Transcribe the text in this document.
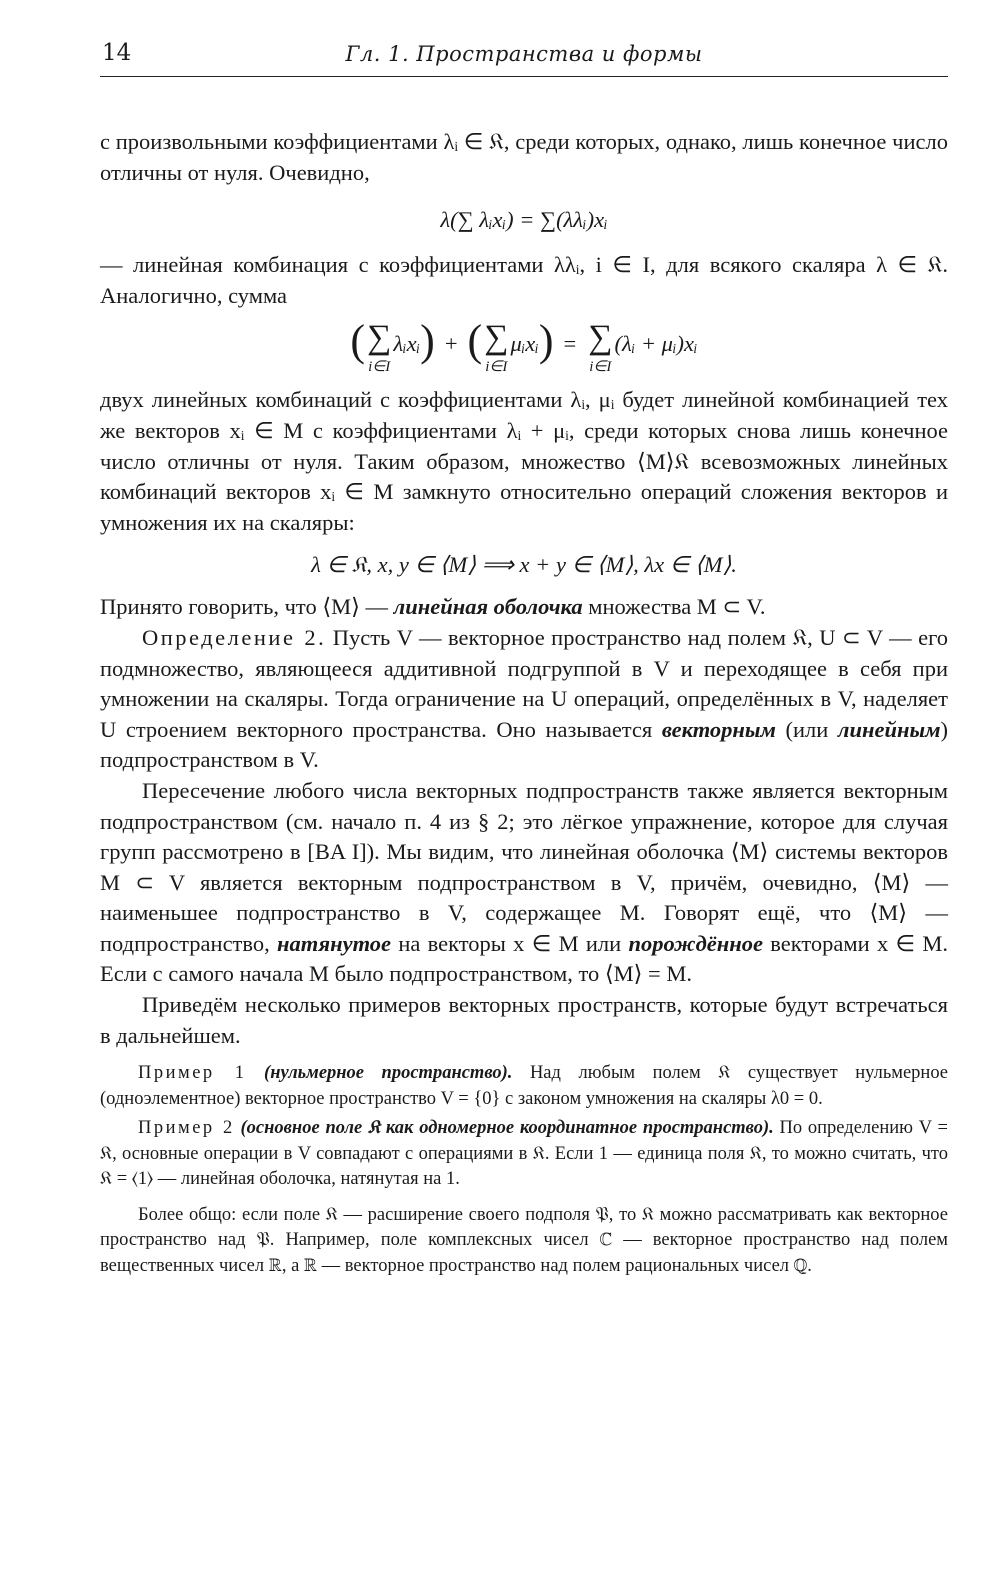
14	Гл. 1. Пространства и формы

с произвольными коэффициентами λᵢ ∈ 𝔎, среди которых, однако, лишь конечное число отличны от нуля. Очевидно,

λ(∑ λᵢxᵢ) = ∑(λλᵢ)xᵢ

— линейная комбинация с коэффициентами λλᵢ, i ∈ I, для всякого скаляра λ ∈ 𝔎. Аналогично, сумма

( ∑
i∈I
λᵢxᵢ ) + ( ∑
i∈I
μᵢxᵢ ) = ∑
i∈I
(λᵢ + μᵢ)xᵢ

двух линейных комбинаций с коэффициентами λᵢ, μᵢ будет линейной комбинацией тех же векторов xᵢ ∈ M с коэффициентами λᵢ + μᵢ, среди которых снова лишь конечное число отличны от нуля. Таким образом, множество ⟨M⟩𝔎 всевозможных линейных комбинаций векторов xᵢ ∈ M замкнуто относительно операций сложения векторов и умножения их на скаляры:

λ ∈ 𝔎, x, y ∈ ⟨M⟩ ⟹ x + y ∈ ⟨M⟩, λx ∈ ⟨M⟩.

Принято говорить, что ⟨M⟩ — линейная оболочка множества M ⊂ V.

Определение 2. Пусть V — векторное пространство над полем 𝔎, U ⊂ V — его подмножество, являющееся аддитивной подгруппой в V и переходящее в себя при умножении на скаляры. Тогда ограничение на U операций, определённых в V, наделяет U строением векторного пространства. Оно называется векторным (или линейным) подпространством в V.

Пересечение любого числа векторных подпространств также является векторным подпространством (см. начало п. 4 из § 2; это лёгкое упражнение, которое для случая групп рассмотрено в [BA I]). Мы видим, что линейная оболочка ⟨M⟩ системы векторов M ⊂ V является векторным подпространством в V, причём, очевидно, ⟨M⟩ — наименьшее подпространство в V, содержащее M. Говорят ещё, что ⟨M⟩ — подпространство, натянутое на векторы x ∈ M или порождённое векторами x ∈ M. Если с самого начала M было подпространством, то ⟨M⟩ = M.

Приведём несколько примеров векторных пространств, которые будут встречаться в дальнейшем.

Пример 1 (нульмерное пространство). Над любым полем 𝔎 существует нульмерное (одноэлементное) векторное пространство V = {0} с законом умножения на скаляры λ0 = 0.

Пример 2 (основное поле 𝔎 как одномерное координатное пространство). По определению V = 𝔎, основные операции в V совпадают с операциями в 𝔎. Если 1 — единица поля 𝔎, то можно считать, что 𝔎 = ⟨1⟩ — линейная оболочка, натянутая на 1.

Более общо: если поле 𝔎 — расширение своего подполя 𝔓, то 𝔎 можно рассматривать как векторное пространство над 𝔓. Например, поле комплексных чисел ℂ — векторное пространство над полем вещественных чисел ℝ, а ℝ — векторное пространство над полем рациональных чисел ℚ.
